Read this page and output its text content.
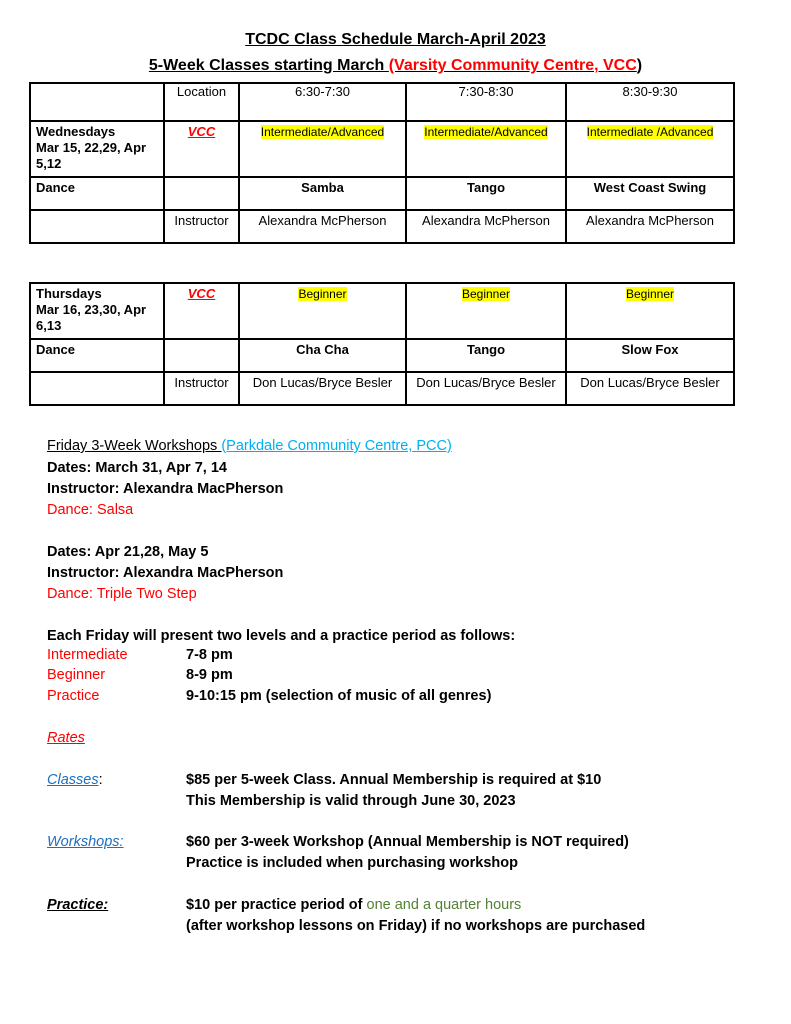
TCDC Class Schedule March-April 2023
5-Week Classes starting March (Varsity Community Centre, VCC)
	Location	6:30-7:30	7:30-8:30	8:30-9:30

Wednesdays
Mar 15, 22,29, Apr 5,12	VCC	Intermediate/Advanced	Intermediate/Advanced	Intermediate /Advanced
Dance		Samba	Tango	West Coast Swing
	Instructor	Alexandra McPherson	Alexandra McPherson	Alexandra McPherson
Thursdays
Mar 16, 23,30, Apr 6,13	VCC	Beginner	Beginner	Beginner
Dance		Cha Cha	Tango	Slow Fox
	Instructor	Don Lucas/Bryce Besler	Don Lucas/Bryce Besler	Don Lucas/Bryce Besler
Friday 3-Week Workshops (Parkdale Community Centre, PCC)
Dates: March 31, Apr 7, 14
Instructor: Alexandra MacPherson
Dance: Salsa
Dates: Apr 21,28, May 5
Instructor: Alexandra MacPherson
Dance: Triple Two Step
Each Friday will present two levels and a practice period as follows:
Intermediate	7-8 pm
Beginner	8-9 pm
Practice	9-10:15 pm (selection of music of all genres)
Rates
Classes:	$85 per 5-week Class. Annual Membership is required at $10
This Membership is valid through June 30, 2023
Workshops:	$60 per 3-week Workshop (Annual Membership is NOT required)
Practice is included when purchasing workshop
Practice:	$10 per practice period of one and a quarter hours
(after workshop lessons on Friday) if no workshops are purchased
